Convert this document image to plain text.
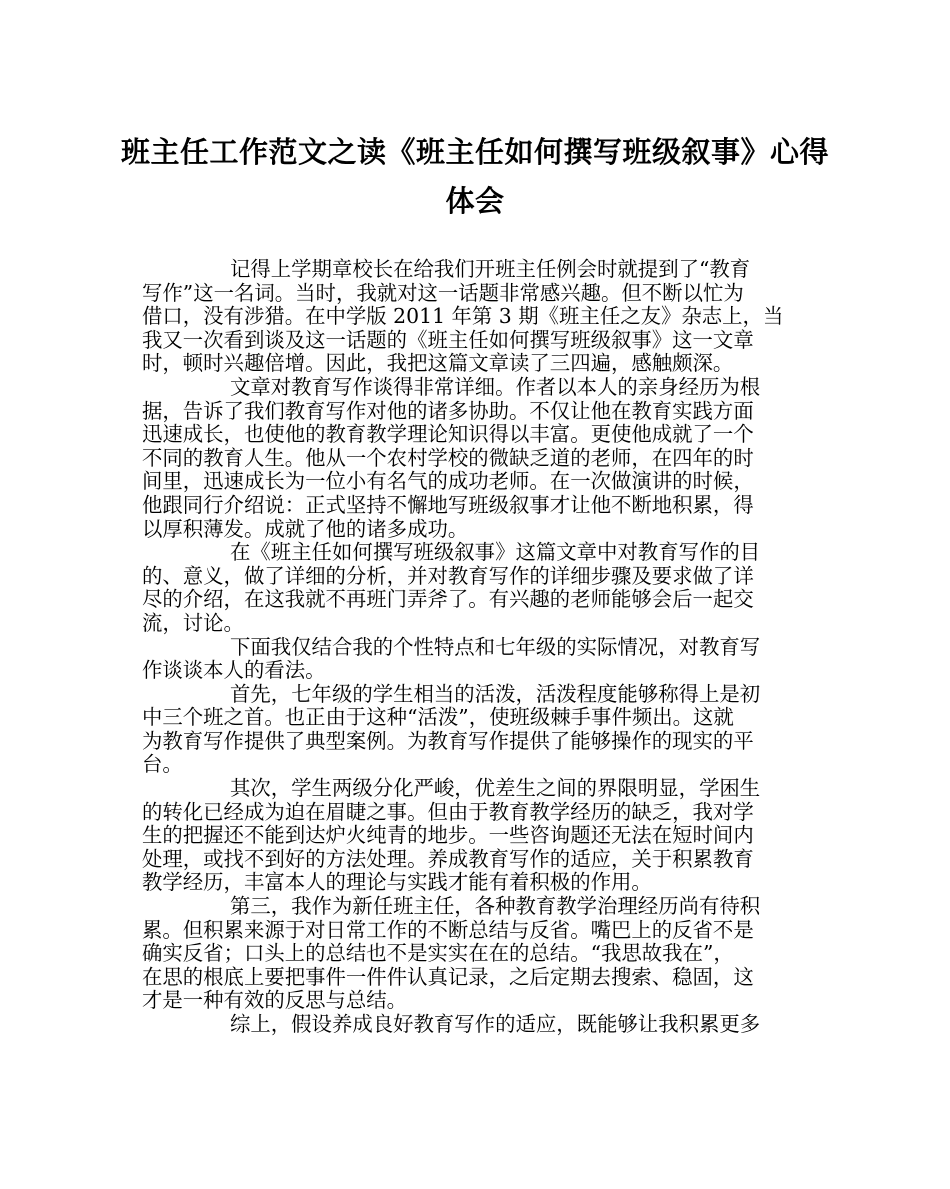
班主任工作范文之读《班主任如何撰写班级叙事》心得 体会

记得上学期章校长在给我们开班主任例会时就提到了“教育
写作”这一名词。当时，我就对这一话题非常感兴趣。但不断以忙为
借口，没有涉猎。在中学版 2011 年第 3 期《班主任之友》杂志上，当
我又一次看到谈及这一话题的《班主任如何撰写班级叙事》这一文章
时，顿时兴趣倍增。因此，我把这篇文章读了三四遍，感触颇深。

文章对教育写作谈得非常详细。作者以本人的亲身经历为根
据，告诉了我们教育写作对他的诸多协助。不仅让他在教育实践方面
迅速成长，也使他的教育教学理论知识得以丰富。更使他成就了一个
不同的教育人生。他从一个农村学校的微缺乏道的老师，在四年的时
间里，迅速成长为一位小有名气的成功老师。在一次做演讲的时候，
他跟同行介绍说：正式坚持不懈地写班级叙事才让他不断地积累，得
以厚积薄发。成就了他的诸多成功。

在《班主任如何撰写班级叙事》这篇文章中对教育写作的目
的、意义，做了详细的分析，并对教育写作的详细步骤及要求做了详
尽的介绍，在这我就不再班门弄斧了。有兴趣的老师能够会后一起交
流，讨论。

下面我仅结合我的个性特点和七年级的实际情况，对教育写
作谈谈本人的看法。

首先，七年级的学生相当的活泼，活泼程度能够称得上是初
中三个班之首。也正由于这种“活泼”，使班级棘手事件频出。这就
为教育写作提供了典型案例。为教育写作提供了能够操作的现实的平
台。

其次，学生两级分化严峻，优差生之间的界限明显，学困生
的转化已经成为迫在眉睫之事。但由于教育教学经历的缺乏，我对学
生的把握还不能到达炉火纯青的地步。一些咨询题还无法在短时间内
处理，或找不到好的方法处理。养成教育写作的适应，关于积累教育
教学经历，丰富本人的理论与实践才能有着积极的作用。

第三，我作为新任班主任，各种教育教学治理经历尚有待积
累。但积累来源于对日常工作的不断总结与反省。嘴巴上的反省不是
确实反省；口头上的总结也不是实实在在的总结。“我思故我在”，
在思的根底上要把事件一件件认真记录，之后定期去搜索、稳固，这
才是一种有效的反思与总结。

综上，假设养成良好教育写作的适应，既能够让我积累更多
